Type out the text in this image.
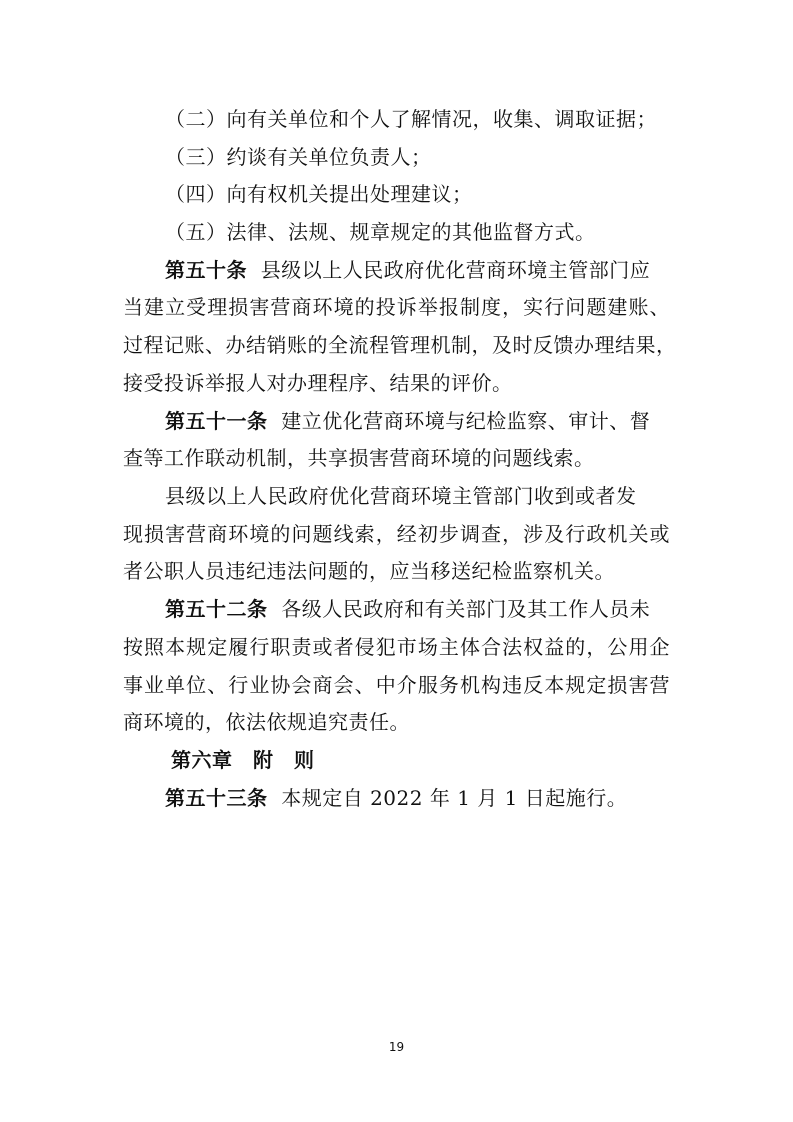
（二）向有关单位和个人了解情况，收集、调取证据；
（三）约谈有关单位负责人；
（四）向有权机关提出处理建议；
（五）法律、法规、规章规定的其他监督方式。
第五十条 县级以上人民政府优化营商环境主管部门应
当建立受理损害营商环境的投诉举报制度，实行问题建账、
过程记账、办结销账的全流程管理机制，及时反馈办理结果，
接受投诉举报人对办理程序、结果的评价。
第五十一条 建立优化营商环境与纪检监察、审计、督
查等工作联动机制，共享损害营商环境的问题线索。
县级以上人民政府优化营商环境主管部门收到或者发
现损害营商环境的问题线索，经初步调查，涉及行政机关或
者公职人员违纪违法问题的，应当移送纪检监察机关。
第五十二条 各级人民政府和有关部门及其工作人员未
按照本规定履行职责或者侵犯市场主体合法权益的，公用企
事业单位、行业协会商会、中介服务机构违反本规定损害营
商环境的，依法依规追究责任。
第六章　附　则
第五十三条 本规定自 2022 年 1 月 1 日起施行。
19
